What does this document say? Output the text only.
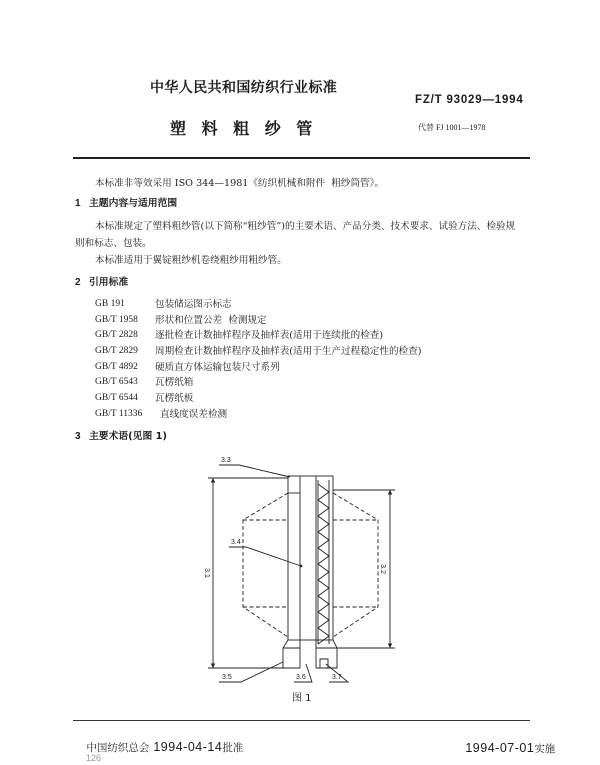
中华人民共和国纺织行业标准
FZ/T 93029—1994
塑 料 粗 纱 管	代替 FJ 1001—1978
本标准非等效采用 ISO 344—1981《纺织机械和附件  粗纱筒管》。
1 主题内容与适用范围
本标准规定了塑料粗纱管(以下简称“粗纱管”)的主要术语、产品分类、技术要求、试验方法、检验规
则和标志、包装。
本标准适用于翼锭粗纱机卷绕粗纱用粗纱管。
2 引用标准
GB 191	包装储运图示标志
GB/T 1958	形状和位置公差  检测规定
GB/T 2828	逐批检查计数抽样程序及抽样表(适用于连续批的检查)
GB/T 2829	周期检查计数抽样程序及抽样表(适用于生产过程稳定性的检查)
GB/T 4892	硬质直方体运输包装尺寸系列
GB/T 6543	瓦楞纸箱
GB/T 6544	瓦楞纸板
GB/T 11336	直线度误差检测
3 主要术语(见图 1)
3.3
3.4
3.1	3.2
3.5	3.6	3.7
图 1

中国纺织总会 1994-04-14批准
	1994-07-01实施

126
